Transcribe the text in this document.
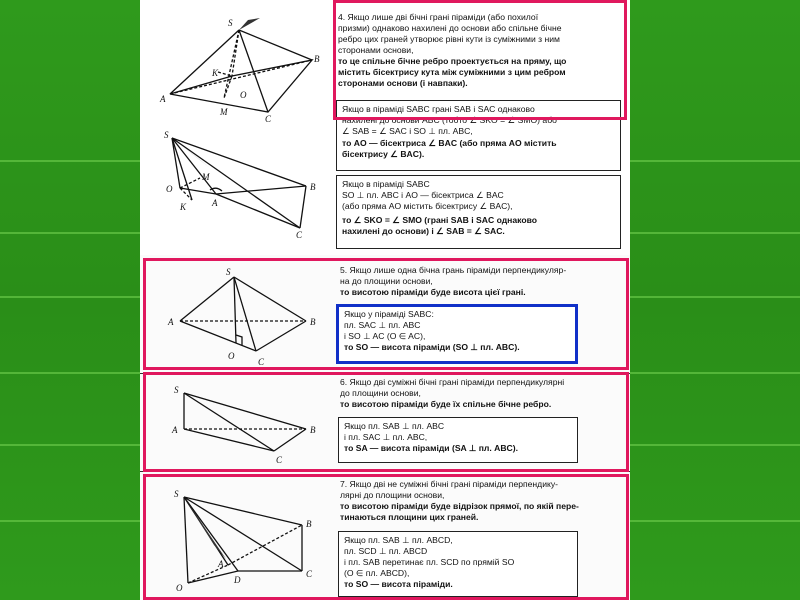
S
B
K
O
A
M
C
S
M
O
K	A
B
C
4. Якщо лише дві бічні грані піраміди (або похилої
призми) однаково нахилені до основи або спільне бічне
ребро цих граней утворює рівні кути із суміжними з ним
сторонами основи,
то це спільне бічне ребро проектується на пряму, що
містить бісектрису кута між суміжними з цим ребром
сторонами основи (і навпаки).
Якщо в піраміді SABC грані SAB і SAC однаково
нахилені до основи ABC (тобто ∠ SKO = ∠ SMO) або
∠ SAB = ∠ SAC і SO ⊥ пл. ABC,
то AO — бісектриса ∠ BAC (або пряма AO містить
бісектрису ∠ BAC).
Якщо в піраміді SABC
SO ⊥ пл. ABC і AO — бісектриса ∠ BAC
(або пряма AO містить бісектрису ∠ BAC),
то ∠ SKO = ∠ SMO (грані SAB і SAC однаково
нахилені до основи) і ∠ SAB = ∠ SAC.
S
A	B
O
C
5. Якщо лише одна бічна грань піраміди перпендикуляр-
на до площини основи,
то висотою піраміди буде висота цієї грані.
Якщо у піраміді SABC:
пл. SAC ⊥ пл. ABC
і SO ⊥ AC (O ∈ AC),
то SO — висота піраміди (SO ⊥ пл. ABC).
S
A	B
C
6. Якщо дві суміжні бічні грані піраміди перпендикулярні
до площини основи,
то висотою піраміди буде їх спільне бічне ребро.
Якщо пл. SAB ⊥ пл. ABC
і пл. SAC ⊥ пл. ABC,
то SA — висота піраміди (SA ⊥ пл. ABC).
S
B
A
D
C
O
7. Якщо дві не суміжні бічні грані піраміди перпендику-
лярні до площини основи,
то висотою піраміди буде відрізок прямої, по якій пере-
тинаються площини цих граней.
Якщо пл. SAB ⊥ пл. ABCD,
пл. SCD ⊥ пл. ABCD
і пл. SAB перетинає пл. SCD по прямій SO
(O ∈ пл. ABCD),
то SO — висота піраміди.
